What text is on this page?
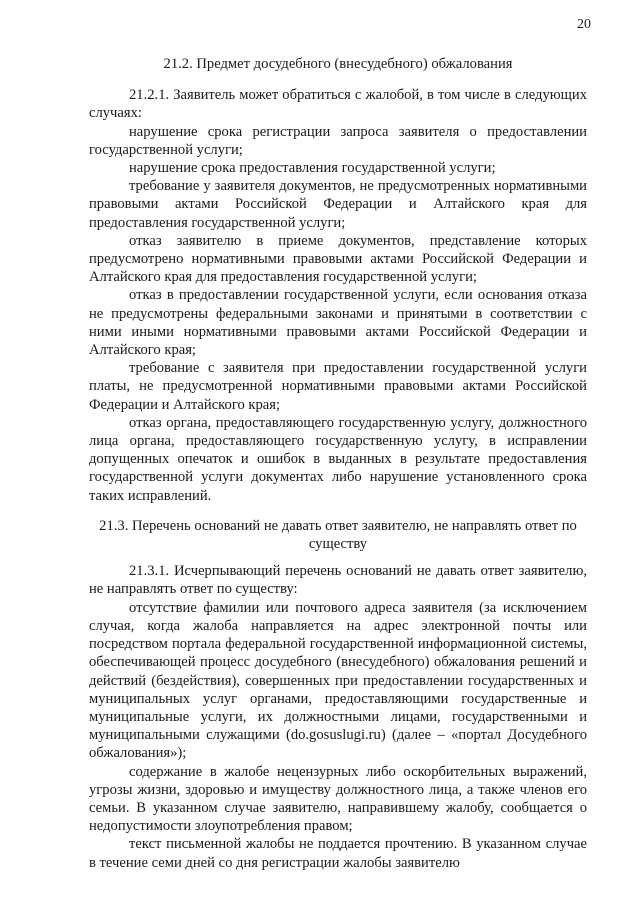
20
21.2. Предмет досудебного (внесудебного) обжалования

21.2.1. Заявитель может обратиться с жалобой, в том числе в следующих случаях:

нарушение срока регистрации запроса заявителя о предоставлении государственной услуги;

нарушение срока предоставления государственной услуги;

требование у заявителя документов, не предусмотренных нормативными правовыми актами Российской Федерации и Алтайского края для предоставления государственной услуги;

отказ заявителю в приеме документов, представление которых предусмотрено нормативными правовыми актами Российской Федерации и Алтайского края для предоставления государственной услуги;

отказ в предоставлении государственной услуги, если основания отказа не предусмотрены федеральными законами и принятыми в соответствии с ними иными нормативными правовыми актами Российской Федерации и Алтайского края;

требование с заявителя при предоставлении государственной услуги платы, не предусмотренной нормативными правовыми актами Российской Федерации и Алтайского края;

отказ органа, предоставляющего государственную услугу, должностного лица органа, предоставляющего государственную услугу, в исправлении допущенных опечаток и ошибок в выданных в результате предоставления государственной услуги документах либо нарушение установленного срока таких исправлений.

21.3. Перечень оснований не давать ответ заявителю, не направлять ответ по существу

21.3.1. Исчерпывающий перечень оснований не давать ответ заявителю, не направлять ответ по существу:

отсутствие фамилии или почтового адреса заявителя (за исключением случая, когда жалоба направляется на адрес электронной почты или посредством портала федеральной государственной информационной системы, обеспечивающей процесс досудебного (внесудебного) обжалования решений и действий (бездействия), совершенных при предоставлении государственных и муниципальных услуг органами, предоставляющими государственные и муниципальные услуги, их должностными лицами, государственными и муниципальными служащими (do.gosuslugi.ru) (далее – «портал Досудебного обжалования»);

содержание в жалобе нецензурных либо оскорбительных выражений, угрозы жизни, здоровью и имуществу должностного лица, а также членов его семьи. В указанном случае заявителю, направившему жалобу, сообщается о недопустимости злоупотребления правом;

текст письменной жалобы не поддается прочтению. В указанном случае в течение семи дней со дня регистрации жалобы заявителю
